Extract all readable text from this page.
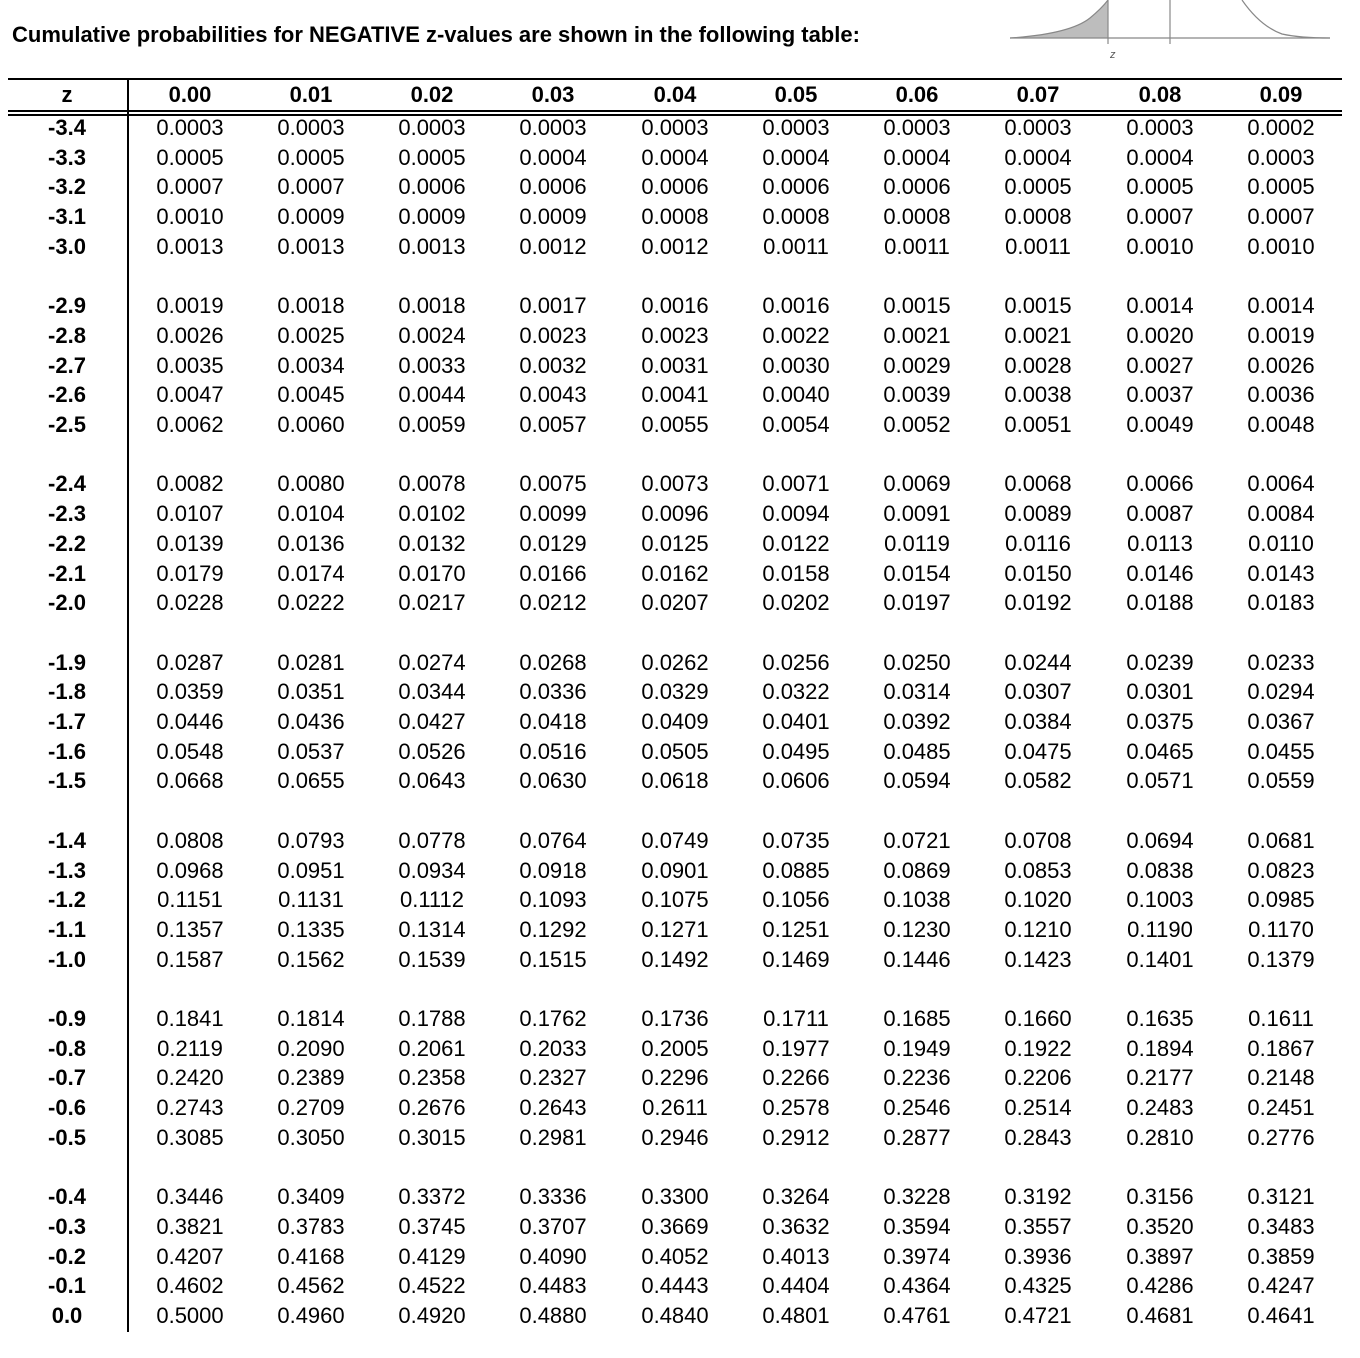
Cumulative probabilities for NEGATIVE z-values are shown in the following table:
z
z	0.00	0.01	0.02	0.03	0.04	0.05	0.06	0.07	0.08	0.09
-3.4	0.0003	0.0003	0.0003	0.0003	0.0003	0.0003	0.0003	0.0003	0.0003	0.0002
-3.3	0.0005	0.0005	0.0005	0.0004	0.0004	0.0004	0.0004	0.0004	0.0004	0.0003
-3.2	0.0007	0.0007	0.0006	0.0006	0.0006	0.0006	0.0006	0.0005	0.0005	0.0005
-3.1	0.0010	0.0009	0.0009	0.0009	0.0008	0.0008	0.0008	0.0008	0.0007	0.0007
-3.0	0.0013	0.0013	0.0013	0.0012	0.0012	0.0011	0.0011	0.0011	0.0010	0.0010
-2.9	0.0019	0.0018	0.0018	0.0017	0.0016	0.0016	0.0015	0.0015	0.0014	0.0014
-2.8	0.0026	0.0025	0.0024	0.0023	0.0023	0.0022	0.0021	0.0021	0.0020	0.0019
-2.7	0.0035	0.0034	0.0033	0.0032	0.0031	0.0030	0.0029	0.0028	0.0027	0.0026
-2.6	0.0047	0.0045	0.0044	0.0043	0.0041	0.0040	0.0039	0.0038	0.0037	0.0036
-2.5	0.0062	0.0060	0.0059	0.0057	0.0055	0.0054	0.0052	0.0051	0.0049	0.0048
-2.4	0.0082	0.0080	0.0078	0.0075	0.0073	0.0071	0.0069	0.0068	0.0066	0.0064
-2.3	0.0107	0.0104	0.0102	0.0099	0.0096	0.0094	0.0091	0.0089	0.0087	0.0084
-2.2	0.0139	0.0136	0.0132	0.0129	0.0125	0.0122	0.0119	0.0116	0.0113	0.0110
-2.1	0.0179	0.0174	0.0170	0.0166	0.0162	0.0158	0.0154	0.0150	0.0146	0.0143
-2.0	0.0228	0.0222	0.0217	0.0212	0.0207	0.0202	0.0197	0.0192	0.0188	0.0183
-1.9	0.0287	0.0281	0.0274	0.0268	0.0262	0.0256	0.0250	0.0244	0.0239	0.0233
-1.8	0.0359	0.0351	0.0344	0.0336	0.0329	0.0322	0.0314	0.0307	0.0301	0.0294
-1.7	0.0446	0.0436	0.0427	0.0418	0.0409	0.0401	0.0392	0.0384	0.0375	0.0367
-1.6	0.0548	0.0537	0.0526	0.0516	0.0505	0.0495	0.0485	0.0475	0.0465	0.0455
-1.5	0.0668	0.0655	0.0643	0.0630	0.0618	0.0606	0.0594	0.0582	0.0571	0.0559
-1.4	0.0808	0.0793	0.0778	0.0764	0.0749	0.0735	0.0721	0.0708	0.0694	0.0681
-1.3	0.0968	0.0951	0.0934	0.0918	0.0901	0.0885	0.0869	0.0853	0.0838	0.0823
-1.2	0.1151	0.1131	0.1112	0.1093	0.1075	0.1056	0.1038	0.1020	0.1003	0.0985
-1.1	0.1357	0.1335	0.1314	0.1292	0.1271	0.1251	0.1230	0.1210	0.1190	0.1170
-1.0	0.1587	0.1562	0.1539	0.1515	0.1492	0.1469	0.1446	0.1423	0.1401	0.1379
-0.9	0.1841	0.1814	0.1788	0.1762	0.1736	0.1711	0.1685	0.1660	0.1635	0.1611
-0.8	0.2119	0.2090	0.2061	0.2033	0.2005	0.1977	0.1949	0.1922	0.1894	0.1867
-0.7	0.2420	0.2389	0.2358	0.2327	0.2296	0.2266	0.2236	0.2206	0.2177	0.2148
-0.6	0.2743	0.2709	0.2676	0.2643	0.2611	0.2578	0.2546	0.2514	0.2483	0.2451
-0.5	0.3085	0.3050	0.3015	0.2981	0.2946	0.2912	0.2877	0.2843	0.2810	0.2776
-0.4	0.3446	0.3409	0.3372	0.3336	0.3300	0.3264	0.3228	0.3192	0.3156	0.3121
-0.3	0.3821	0.3783	0.3745	0.3707	0.3669	0.3632	0.3594	0.3557	0.3520	0.3483
-0.2	0.4207	0.4168	0.4129	0.4090	0.4052	0.4013	0.3974	0.3936	0.3897	0.3859
-0.1	0.4602	0.4562	0.4522	0.4483	0.4443	0.4404	0.4364	0.4325	0.4286	0.4247
0.0	0.5000	0.4960	0.4920	0.4880	0.4840	0.4801	0.4761	0.4721	0.4681	0.4641
